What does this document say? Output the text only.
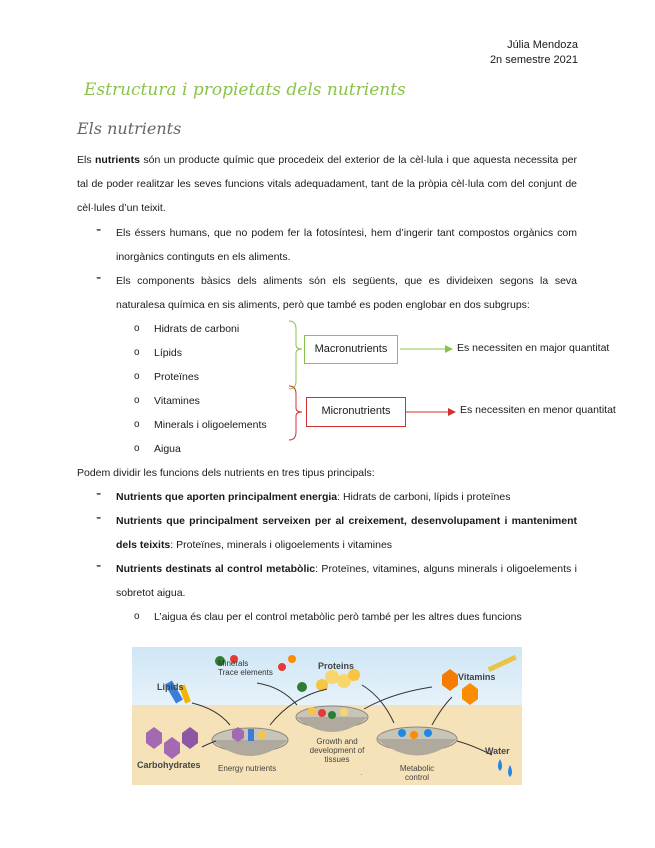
Júlia Mendoza
2n semestre 2021
Estructura i propietats dels nutrients
Els nutrients
Els nutrients són un producte químic que procedeix del exterior de la cèl·lula i que aquesta necessita per tal de poder realitzar les seves funcions vitals adequadament, tant de la pròpia cèl·lula com del conjunt de cèl·lules d’un teixit.
- Els éssers humans, que no podem fer la fotosíntesi, hem d’ingerir tant compostos orgànics com inorgànics continguts en els aliments.
- Els components bàsics dels aliments són els següents, que es divideixen segons la seva naturalesa química en sis aliments, però que també es poden englobar en dos subgrups:
o Hidrats de carboni
o Lípids
o Proteïnes
o Vitamines
o Minerals i oligoelements
o Aigua
Macronutrients	Es necessiten en major quantitat
Micronutrients	Es necessiten en menor quantitat
Podem dividir les funcions dels nutrients en tres tipus principals:
- Nutrients que aporten principalment energia: Hidrats de carboni, lípids i proteïnes
- Nutrients que principalment serveixen per al creixement, desenvolupament i manteniment dels teixits: Proteïnes, minerals i oligoelements i vitamines
- Nutrients destinats al control metabòlic: Proteïnes, vitamines, alguns minerals i oligoelements i sobretot aigua.
o L’aigua és clau per el control metabòlic però també per les altres dues funcions
·
Minerals
Trace elements
Proteins
Lipids
Vitamins
Carbohydrates Energy nutrients
Growth and development of tissues
Metabolic control
Water
